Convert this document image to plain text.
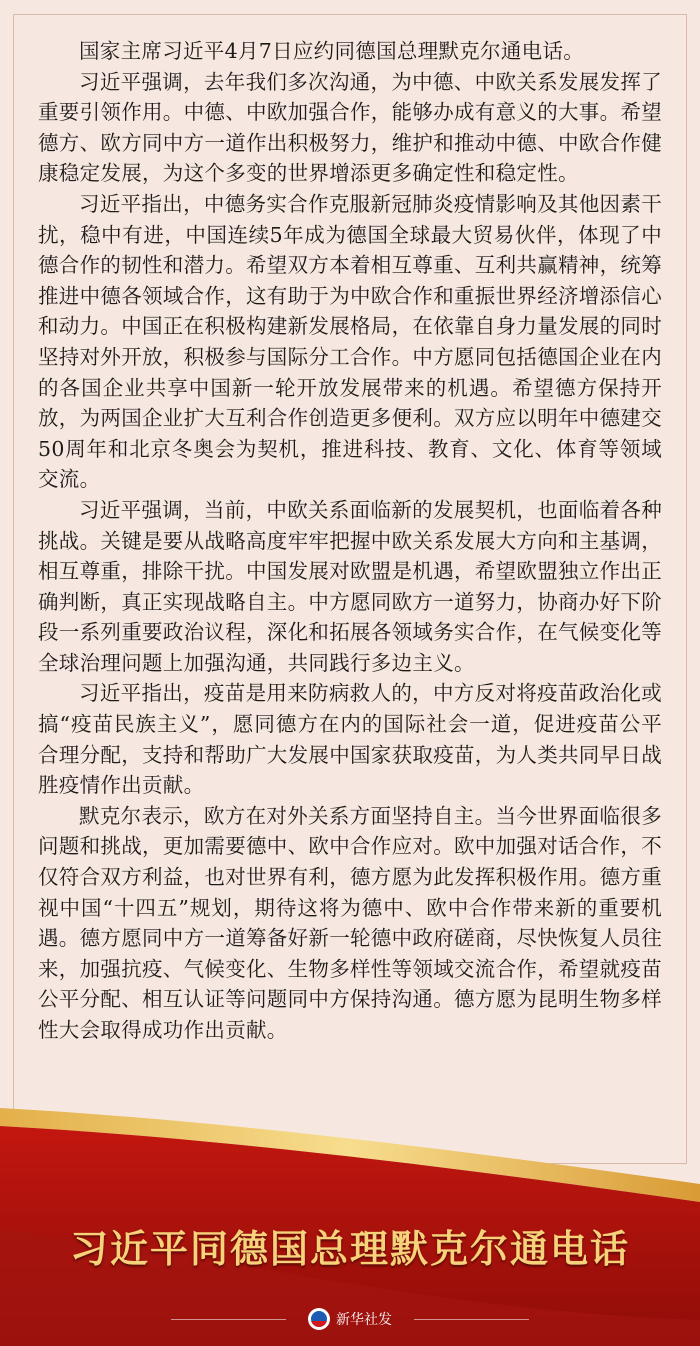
国家主席习近平4月7日应约同德国总理默克尔通电话。

习近平强调，去年我们多次沟通，为中德、中欧关系发展发挥了重要引领作用。中德、中欧加强合作，能够办成有意义的大事。希望德方、欧方同中方一道作出积极努力，维护和推动中德、中欧合作健康稳定发展，为这个多变的世界增添更多确定性和稳定性。

习近平指出，中德务实合作克服新冠肺炎疫情影响及其他因素干扰，稳中有进，中国连续5年成为德国全球最大贸易伙伴，体现了中德合作的韧性和潜力。希望双方本着相互尊重、互利共赢精神，统筹推进中德各领域合作，这有助于为中欧合作和重振世界经济增添信心和动力。中国正在积极构建新发展格局，在依靠自身力量发展的同时坚持对外开放，积极参与国际分工合作。中方愿同包括德国企业在内的各国企业共享中国新一轮开放发展带来的机遇。希望德方保持开放，为两国企业扩大互利合作创造更多便利。双方应以明年中德建交50周年和北京冬奥会为契机，推进科技、教育、文化、体育等领域交流。

习近平强调，当前，中欧关系面临新的发展契机，也面临着各种挑战。关键是要从战略高度牢牢把握中欧关系发展大方向和主基调，相互尊重，排除干扰。中国发展对欧盟是机遇，希望欧盟独立作出正确判断，真正实现战略自主。中方愿同欧方一道努力，协商办好下阶段一系列重要政治议程，深化和拓展各领域务实合作，在气候变化等全球治理问题上加强沟通，共同践行多边主义。

习近平指出，疫苗是用来防病救人的，中方反对将疫苗政治化或搞“疫苗民族主义”，愿同德方在内的国际社会一道，促进疫苗公平合理分配，支持和帮助广大发展中国家获取疫苗，为人类共同早日战胜疫情作出贡献。

默克尔表示，欧方在对外关系方面坚持自主。当今世界面临很多问题和挑战，更加需要德中、欧中合作应对。欧中加强对话合作，不仅符合双方利益，也对世界有利，德方愿为此发挥积极作用。德方重视中国“十四五”规划，期待这将为德中、欧中合作带来新的重要机遇。德方愿同中方一道筹备好新一轮德中政府磋商，尽快恢复人员往来，加强抗疫、气候变化、生物多样性等领域交流合作，希望就疫苗公平分配、相互认证等问题同中方保持沟通。德方愿为昆明生物多样性大会取得成功作出贡献。

习近平同德国总理默克尔通电话
新华社发
